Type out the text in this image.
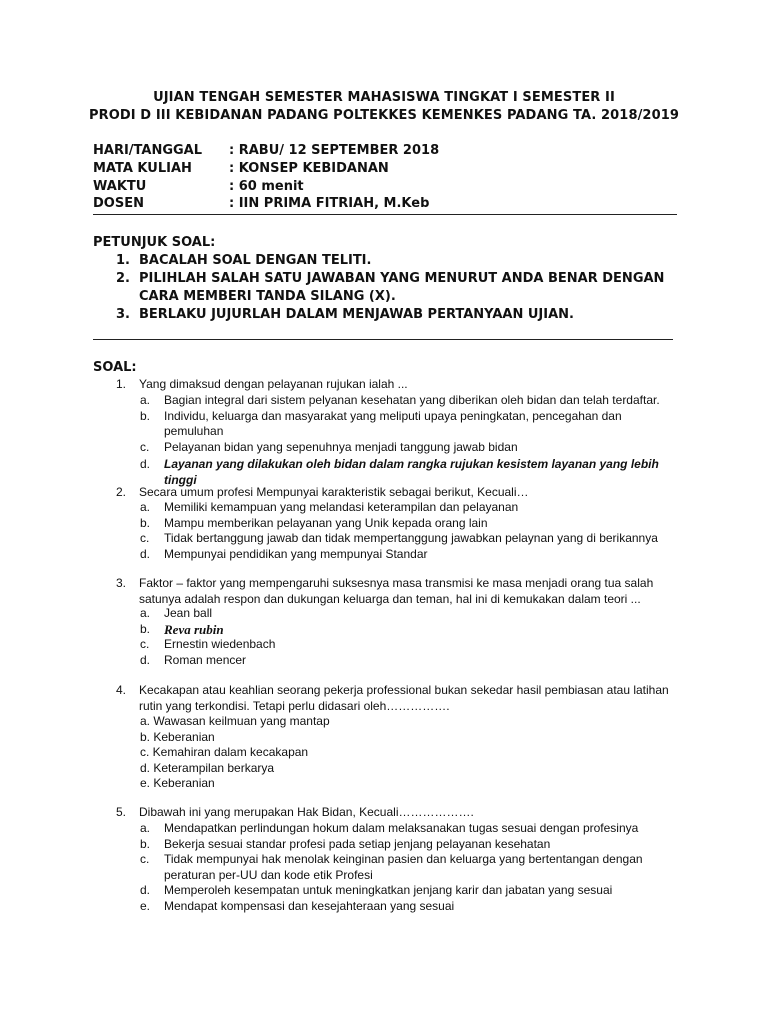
UJIAN TENGAH SEMESTER MAHASISWA TINGKAT I SEMESTER II
PRODI D III KEBIDANAN PADANG POLTEKKES KEMENKES PADANG TA. 2018/2019
HARI/TANGGAL : RABU/ 12 SEPTEMBER 2018
MATA KULIAH	: KONSEP KEBIDANAN
WAKTU	: 60 menit
DOSEN	: IIN PRIMA FITRIAH, M.Keb
PETUNJUK SOAL:
1. BACALAH SOAL DENGAN TELITI.
2. PILIHLAH SALAH SATU JAWABAN YANG MENURUT ANDA BENAR DENGAN CARA MEMBERI TANDA SILANG (X).
3. BERLAKU JUJURLAH DALAM MENJAWAB PERTANYAAN UJIAN.
SOAL:
1. Yang dimaksud dengan pelayanan rujukan ialah ...
a. Bagian integral dari sistem pelyanan kesehatan yang diberikan oleh bidan dan telah terdaftar.
b. Individu, keluarga dan masyarakat yang meliputi upaya peningkatan, pencegahan dan pemuluhan
c. Pelayanan bidan yang sepenuhnya menjadi tanggung jawab bidan
d. Layanan yang dilakukan oleh bidan dalam rangka rujukan kesistem layanan yang lebih tinggi
2. Secara umum profesi Mempunyai karakteristik sebagai berikut, Kecuali…
a. Memiliki kemampuan yang melandasi keterampilan dan pelayanan
b. Mampu memberikan pelayanan yang Unik kepada orang lain
c. Tidak bertanggung jawab dan tidak mempertanggung jawabkan pelaynan yang di berikannya
d. Mempunyai pendidikan yang mempunyai Standar
3. Faktor – faktor yang mempengaruhi suksesnya masa transmisi ke masa menjadi orang tua salah satunya adalah respon dan dukungan keluarga dan teman, hal ini di kemukakan dalam teori ...
a. Jean ball
b. Reva rubin
c. Ernestin wiedenbach
d. Roman mencer
4. Kecakapan atau keahlian seorang pekerja professional bukan sekedar hasil pembiasan atau latihan rutin yang terkondisi. Tetapi perlu didasari oleh…………….
a. Wawasan keilmuan yang mantap
b. Keberanian
c. Kemahiran dalam kecakapan
d. Keterampilan berkarya
e. Keberanian
5. Dibawah ini yang merupakan Hak Bidan, Kecuali……………….
a. Mendapatkan perlindungan hokum dalam melaksanakan tugas sesuai dengan profesinya
b. Bekerja sesuai standar profesi pada setiap jenjang pelayanan kesehatan
c. Tidak mempunyai hak menolak keinginan pasien dan keluarga yang bertentangan dengan peraturan per-UU dan kode etik Profesi
d. Memperoleh kesempatan untuk meningkatkan jenjang karir dan jabatan yang sesuai
e. Mendapat kompensasi dan kesejahteraan yang sesuai
